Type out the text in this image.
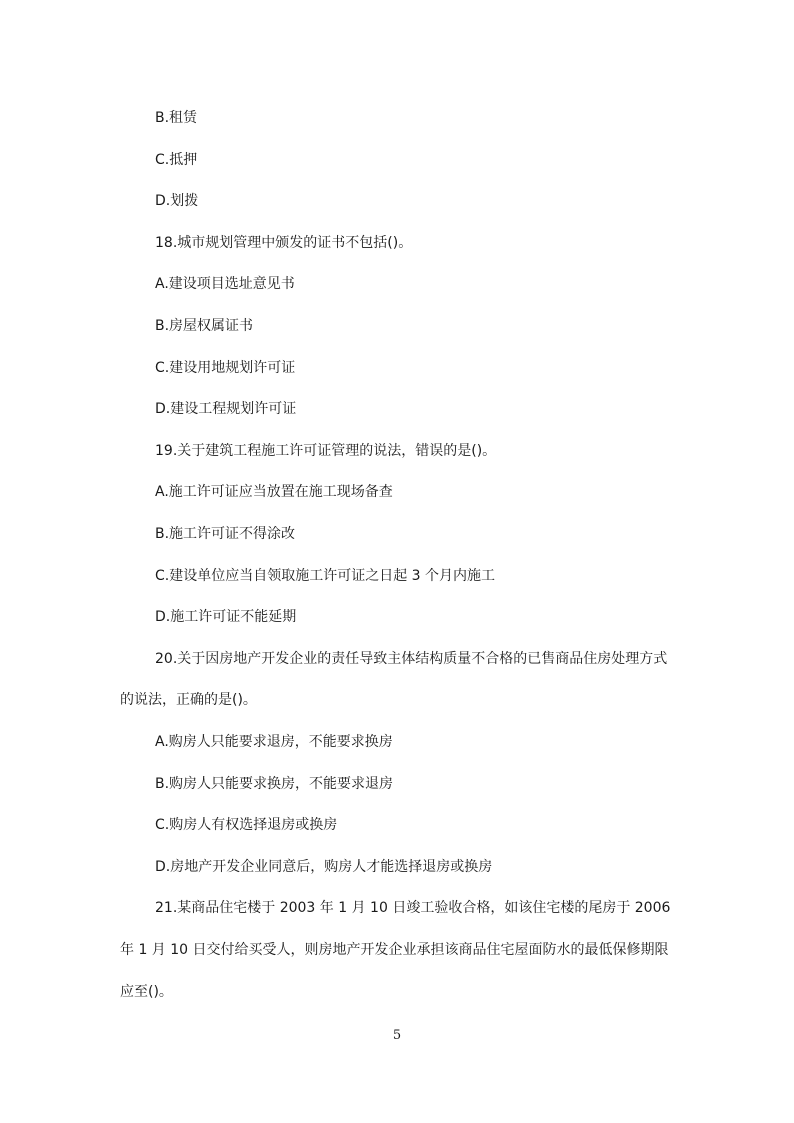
B.租赁
C.抵押
D.划拨
18.城市规划管理中颁发的证书不包括()。
A.建设项目选址意见书
B.房屋权属证书
C.建设用地规划许可证
D.建设工程规划许可证
19.关于建筑工程施工许可证管理的说法，错误的是()。
A.施工许可证应当放置在施工现场备查
B.施工许可证不得涂改
C.建设单位应当自领取施工许可证之日起 3 个月内施工
D.施工许可证不能延期
20.关于因房地产开发企业的责任导致主体结构质量不合格的已售商品住房处理方式
的说法，正确的是()。
A.购房人只能要求退房，不能要求换房
B.购房人只能要求换房，不能要求退房
C.购房人有权选择退房或换房
D.房地产开发企业同意后，购房人才能选择退房或换房
21.某商品住宅楼于 2003 年 1 月 10 日竣工验收合格，如该住宅楼的尾房于 2006
年 1 月 10 日交付给买受人，则房地产开发企业承担该商品住宅屋面防水的最低保修期限
应至()。
5
